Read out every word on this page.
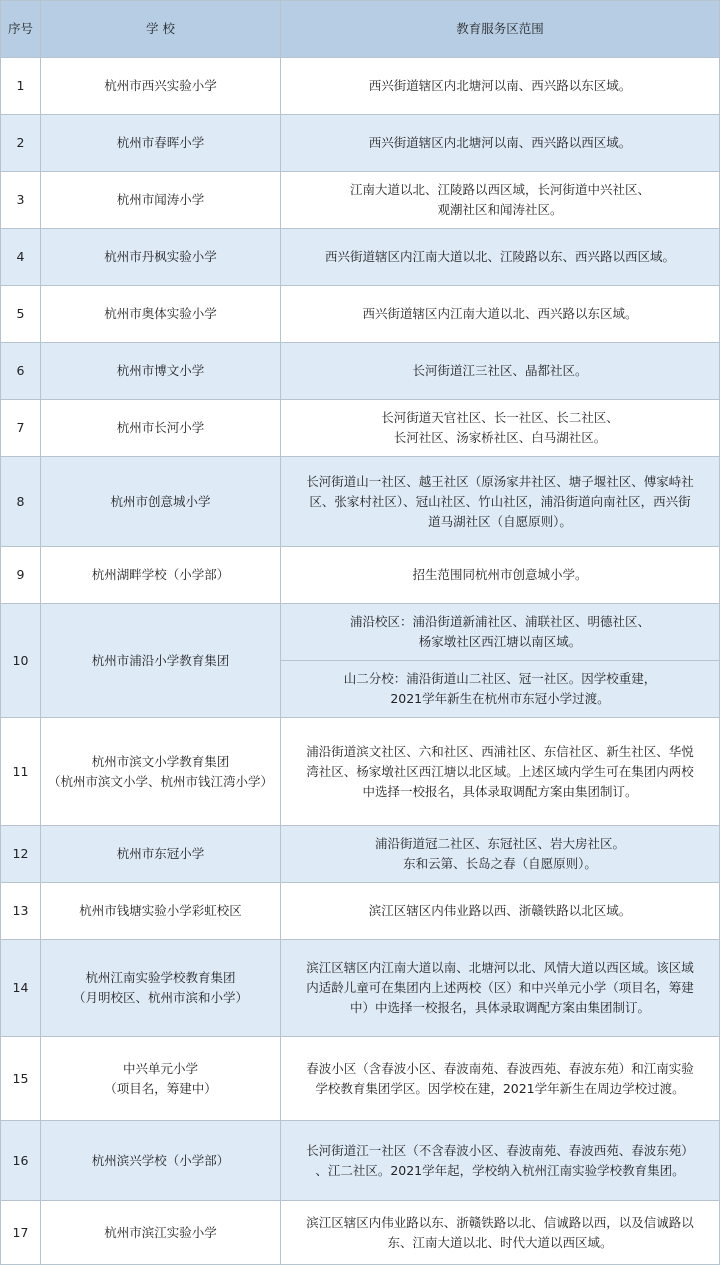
序号	学 校	教育服务区范围
1	杭州市西兴实验小学	西兴街道辖区内北塘河以南、西兴路以东区域。
2	杭州市春晖小学	西兴街道辖区内北塘河以南、西兴路以西区域。
3	杭州市闻涛小学	江南大道以北、江陵路以西区域，长河街道中兴社区、
观潮社区和闻涛社区。
4	杭州市丹枫实验小学	西兴街道辖区内江南大道以北、江陵路以东、西兴路以西区域。
5	杭州市奥体实验小学	西兴街道辖区内江南大道以北、西兴路以东区域。
6	杭州市博文小学	长河街道江三社区、晶都社区。
7	杭州市长河小学	长河街道天官社区、长一社区、长二社区、
长河社区、汤家桥社区、白马湖社区。
8	杭州市创意城小学	长河街道山一社区、越王社区（原汤家井社区、塘子堰社区、傅家峙社
区、张家村社区）、冠山社区、竹山社区，浦沿街道向南社区，西兴街
道马湖社区（自愿原则）。
9	杭州湖畔学校（小学部）	招生范围同杭州市创意城小学。
10	杭州市浦沿小学教育集团	浦沿校区：浦沿街道新浦社区、浦联社区、明德社区、
杨家墩社区西江塘以南区域。
		山二分校：浦沿街道山二社区、冠一社区。因学校重建，
2021学年新生在杭州市东冠小学过渡。
11	杭州市滨文小学教育集团
（杭州市滨文小学、杭州市钱江湾小学）	浦沿街道滨文社区、六和社区、西浦社区、东信社区、新生社区、华悦
湾社区、杨家墩社区西江塘以北区域。上述区域内学生可在集团内两校
中选择一校报名，具体录取调配方案由集团制订。
12	杭州市东冠小学	浦沿街道冠二社区、东冠社区、岩大房社区。
东和云第、长岛之春（自愿原则）。
13	杭州市钱塘实验小学彩虹校区	滨江区辖区内伟业路以西、浙赣铁路以北区域。
14	杭州江南实验学校教育集团
（月明校区、杭州市滨和小学）	滨江区辖区内江南大道以南、北塘河以北、风情大道以西区域。该区域
内适龄儿童可在集团内上述两校（区）和中兴单元小学（项目名，筹建
中）中选择一校报名，具体录取调配方案由集团制订。
15	中兴单元小学
（项目名，筹建中）	春波小区（含春波小区、春波南苑、春波西苑、春波东苑）和江南实验
学校教育集团学区。因学校在建，2021学年新生在周边学校过渡。
16	杭州滨兴学校（小学部）	长河街道江一社区（不含春波小区、春波南苑、春波西苑、春波东苑）
、江二社区。2021学年起，学校纳入杭州江南实验学校教育集团。
17	杭州市滨江实验小学	滨江区辖区内伟业路以东、浙赣铁路以北、信诚路以西，以及信诚路以
东、江南大道以北、时代大道以西区域。
